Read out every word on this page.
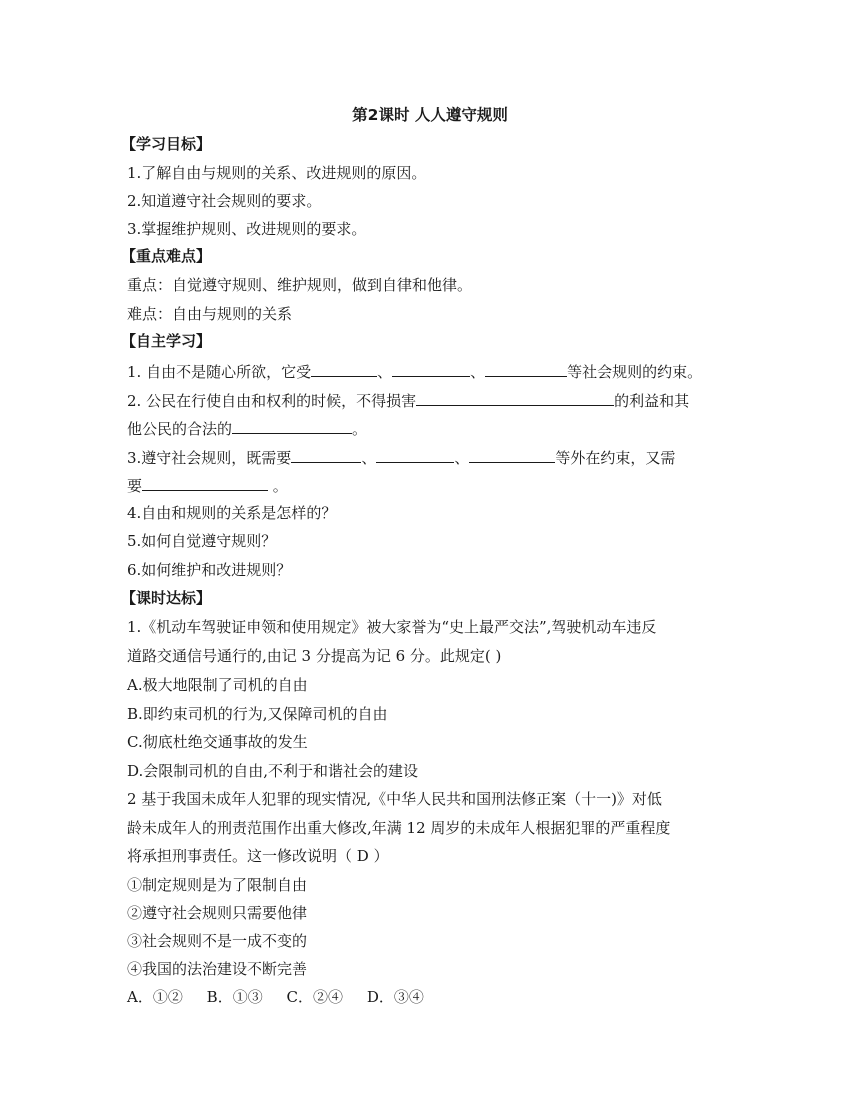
第2课时 人人遵守规则
【学习目标】
1.了解自由与规则的关系、改进规则的原因。
2.知道遵守社会规则的要求。
3.掌握维护规则、改进规则的要求。
【重点难点】
重点：自觉遵守规则、维护规则，做到自律和他律。
难点：自由与规则的关系
【自主学习】
1. 自由不是随心所欲，它受	、	、	等社会规则的约束。
2. 公民在行使自由和权利的时候，不得损害	的利益和其
他公民的合法的	。
3.遵守社会规则，既需要	、	、	等外在约束，又需
要	。
4.自由和规则的关系是怎样的？
5.如何自觉遵守规则？
6.如何维护和改进规则？
【课时达标】
1.《机动车驾驶证申领和使用规定》被大家誉为“史上最严交法”,驾驶机动车违反
道路交通信号通行的,由记 3 分提高为记 6 分。此规定( )
A.极大地限制了司机的自由
B.即约束司机的行为,又保障司机的自由
C.彻底杜绝交通事故的发生
D.会限制司机的自由,不利于和谐社会的建设
2 基于我国未成年人犯罪的现实情况,《中华人民共和国刑法修正案（十一)》对低
龄未成年人的刑责范围作出重大修改,年满 12 周岁的未成年人根据犯罪的严重程度
将承担刑事责任。这一修改说明（ D ）
①制定规则是为了限制自由
②遵守社会规则只需要他律
③社会规则不是一成不变的
④我国的法治建设不断完善
A．①②     B．①③     C．②④     D．③④
